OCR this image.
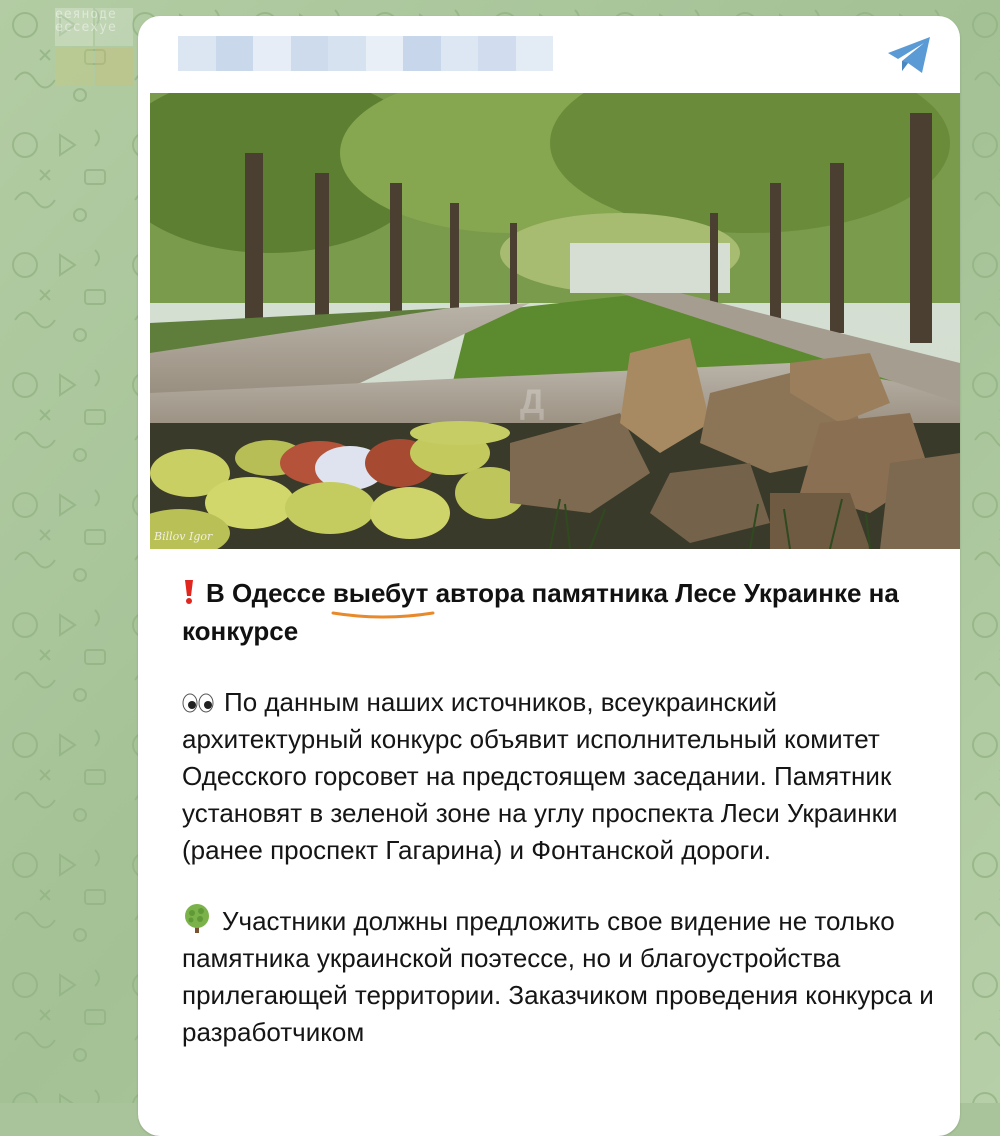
ееяноде
ессехуе
Д
Billov Igor

В Одессе выебут автора памятника Лесе Украинке на конкурсе

По данным наших источников, всеукраинский архитектурный конкурс объявит исполнительный комитет Одесского горсовет на предстоящем заседании. Памятник установят в зеленой зоне на углу проспекта Леси Украинки (ранее проспект Гагарина) и Фонтанской дороги.

Участники должны предложить свое видение не только памятника украинской поэтессе, но и благоустройства прилегающей территории. Заказчиком проведения конкурса и разработчиком
